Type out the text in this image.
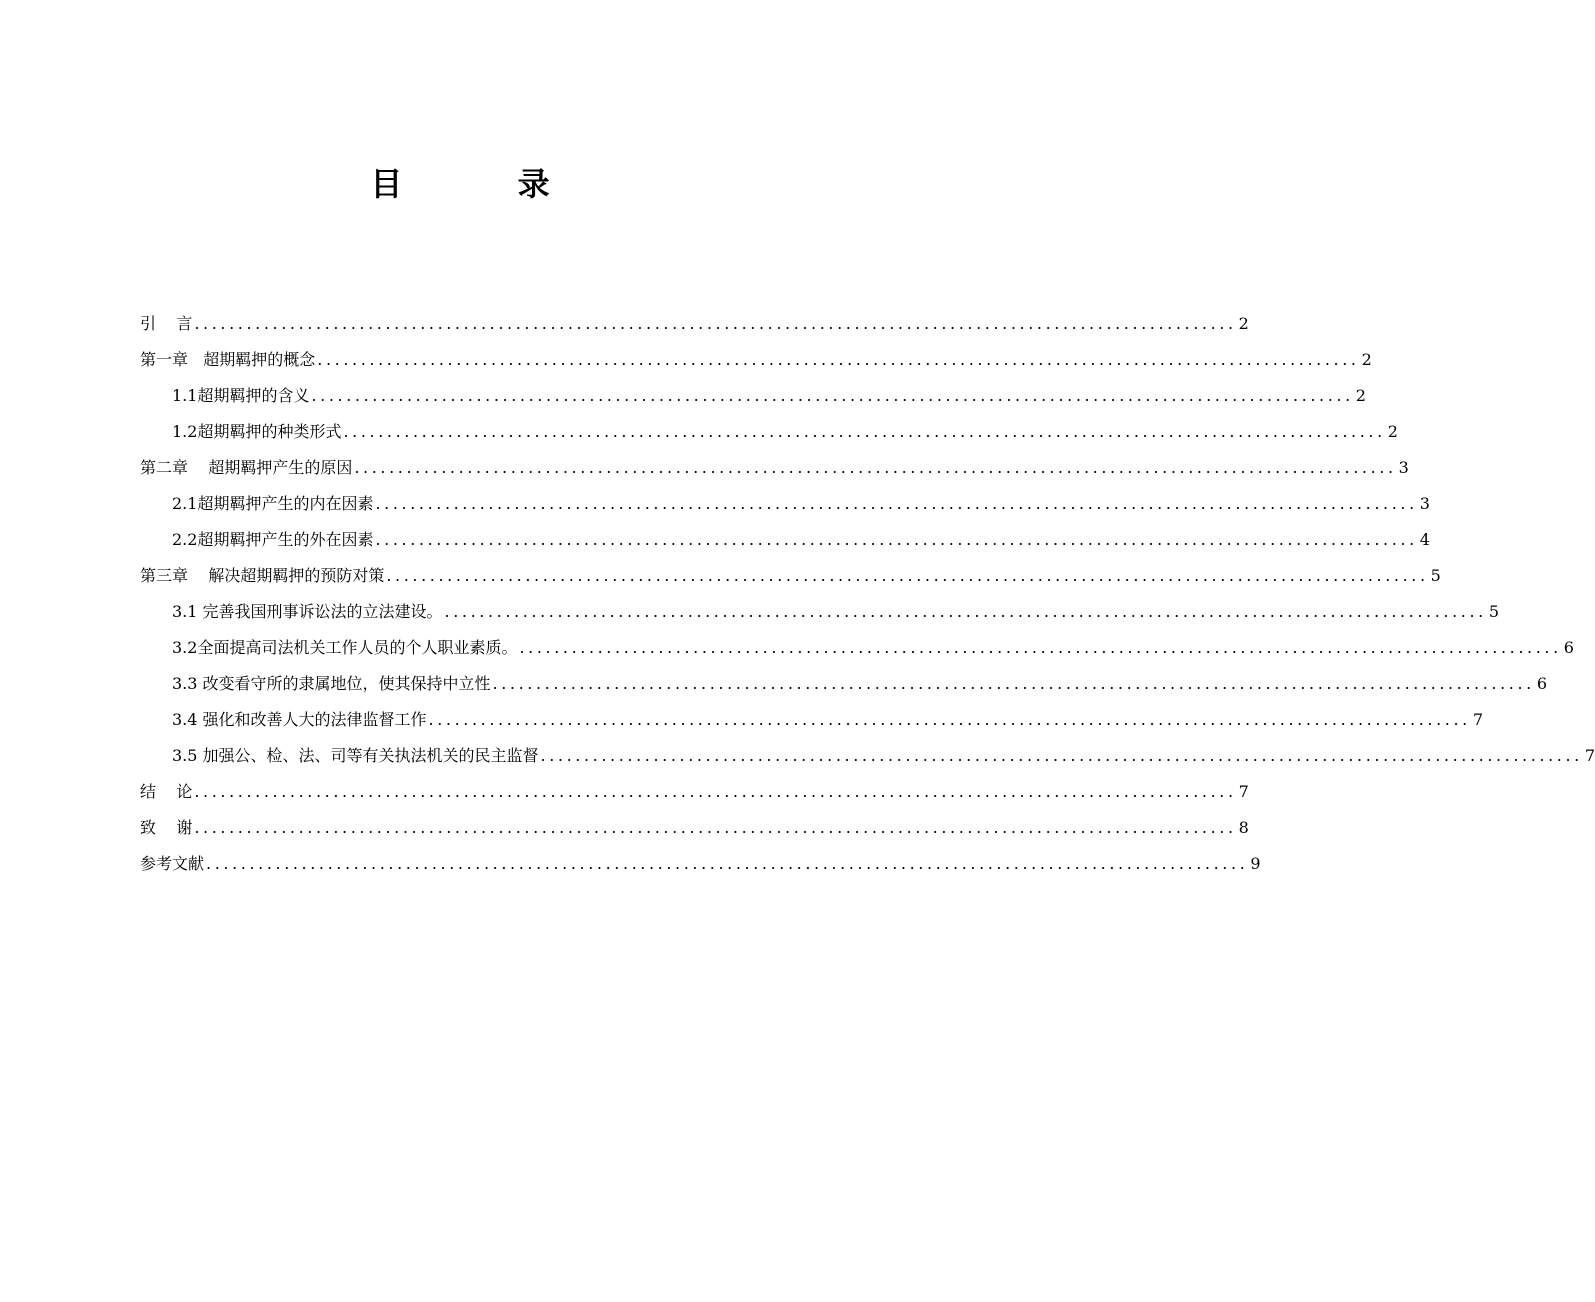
目 录
引    言 ........................................................................................................................ 2
第一章   超期羁押的概念 ........................................................................................................................ 2
1.1超期羁押的含义 ........................................................................................................................ 2
1.2超期羁押的种类形式 ........................................................................................................................ 2
第二章    超期羁押产生的原因 ........................................................................................................................ 3
2.1超期羁押产生的内在因素 ........................................................................................................................ 3
2.2超期羁押产生的外在因素 ........................................................................................................................ 4
第三章    解决超期羁押的预防对策 ........................................................................................................................ 5
3.1 完善我国刑事诉讼法的立法建设。 ........................................................................................................................ 5
3.2全面提高司法机关工作人员的个人职业素质。 ........................................................................................................................ 6
3.3 改变看守所的隶属地位，使其保持中立性 ........................................................................................................................ 6
3.4 强化和改善人大的法律监督工作 ........................................................................................................................ 7
3.5 加强公、检、法、司等有关执法机关的民主监督 ........................................................................................................................ 7
结    论 ........................................................................................................................ 7
致    谢 ........................................................................................................................ 8
参考文献 ........................................................................................................................ 9
